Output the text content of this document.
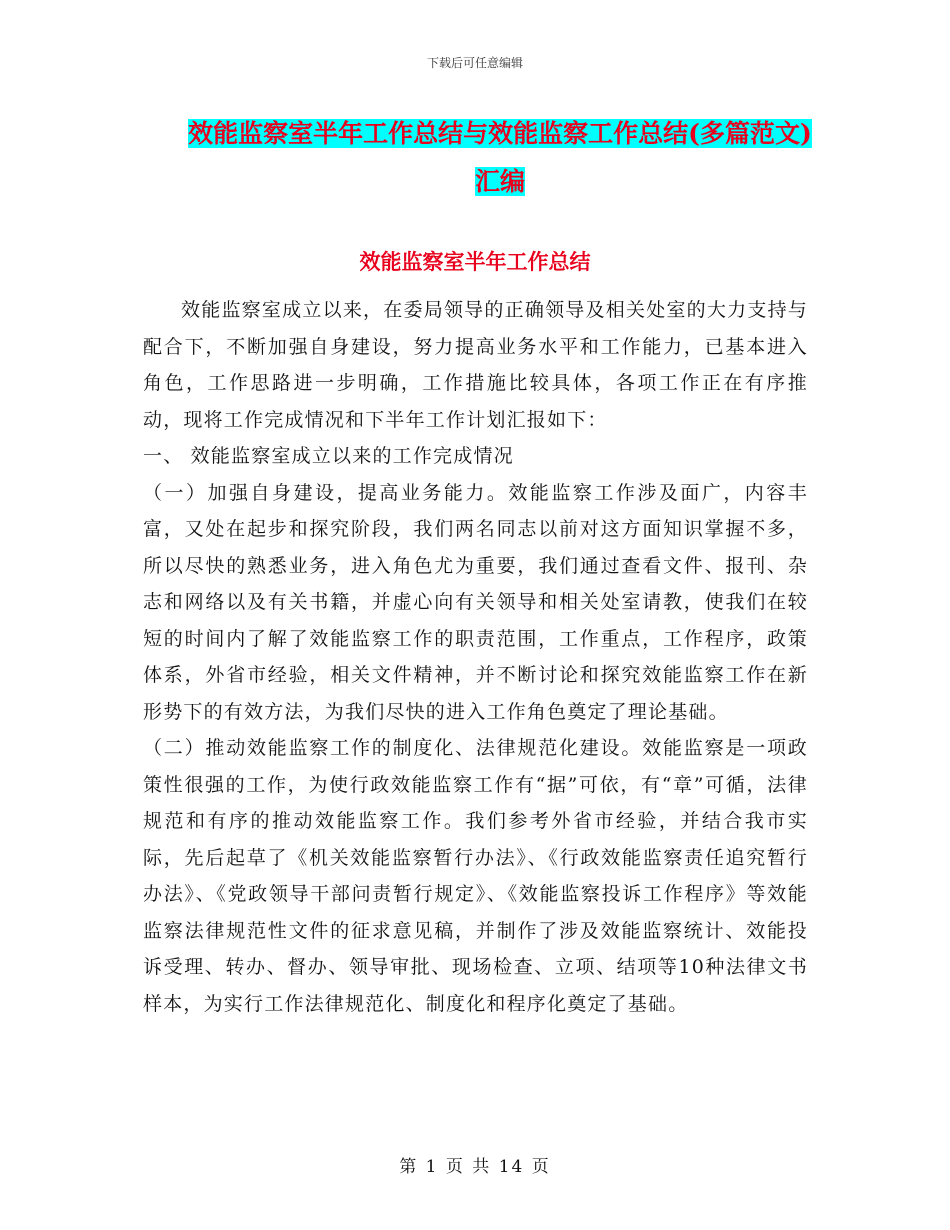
下载后可任意编辑
效能监察室半年工作总结与效能监察工作总结(多篇范文)汇编
效能监察室半年工作总结

效能监察室成立以来，在委局领导的正确领导及相关处室的大力支持与配合下，不断加强自身建设，努力提高业务水平和工作能力，已基本进入角色，工作思路进一步明确，工作措施比较具体，各项工作正在有序推动，现将工作完成情况和下半年工作计划汇报如下：

一、 效能监察室成立以来的工作完成情况

（一）加强自身建设，提高业务能力。效能监察工作涉及面广，内容丰富，又处在起步和探究阶段，我们两名同志以前对这方面知识掌握不多，所以尽快的熟悉业务，进入角色尤为重要，我们通过查看文件、报刊、杂志和网络以及有关书籍，并虚心向有关领导和相关处室请教，使我们在较短的时间内了解了效能监察工作的职责范围，工作重点，工作程序，政策体系，外省市经验，相关文件精神，并不断讨论和探究效能监察工作在新形势下的有效方法，为我们尽快的进入工作角色奠定了理论基础。

（二）推动效能监察工作的制度化、法律规范化建设。效能监察是一项政策性很强的工作，为使行政效能监察工作有“据”可依，有“章”可循，法律规范和有序的推动效能监察工作。我们参考外省市经验，并结合我市实际，先后起草了《机关效能监察暂行办法》、《行政效能监察责任追究暂行办法》、《党政领导干部问责暂行规定》、《效能监察投诉工作程序》等效能监察法律规范性文件的征求意见稿，并制作了涉及效能监察统计、效能投诉受理、转办、督办、领导审批、现场检查、立项、结项等10种法律文书样本，为实行工作法律规范化、制度化和程序化奠定了基础。

第 1 页 共 14 页
